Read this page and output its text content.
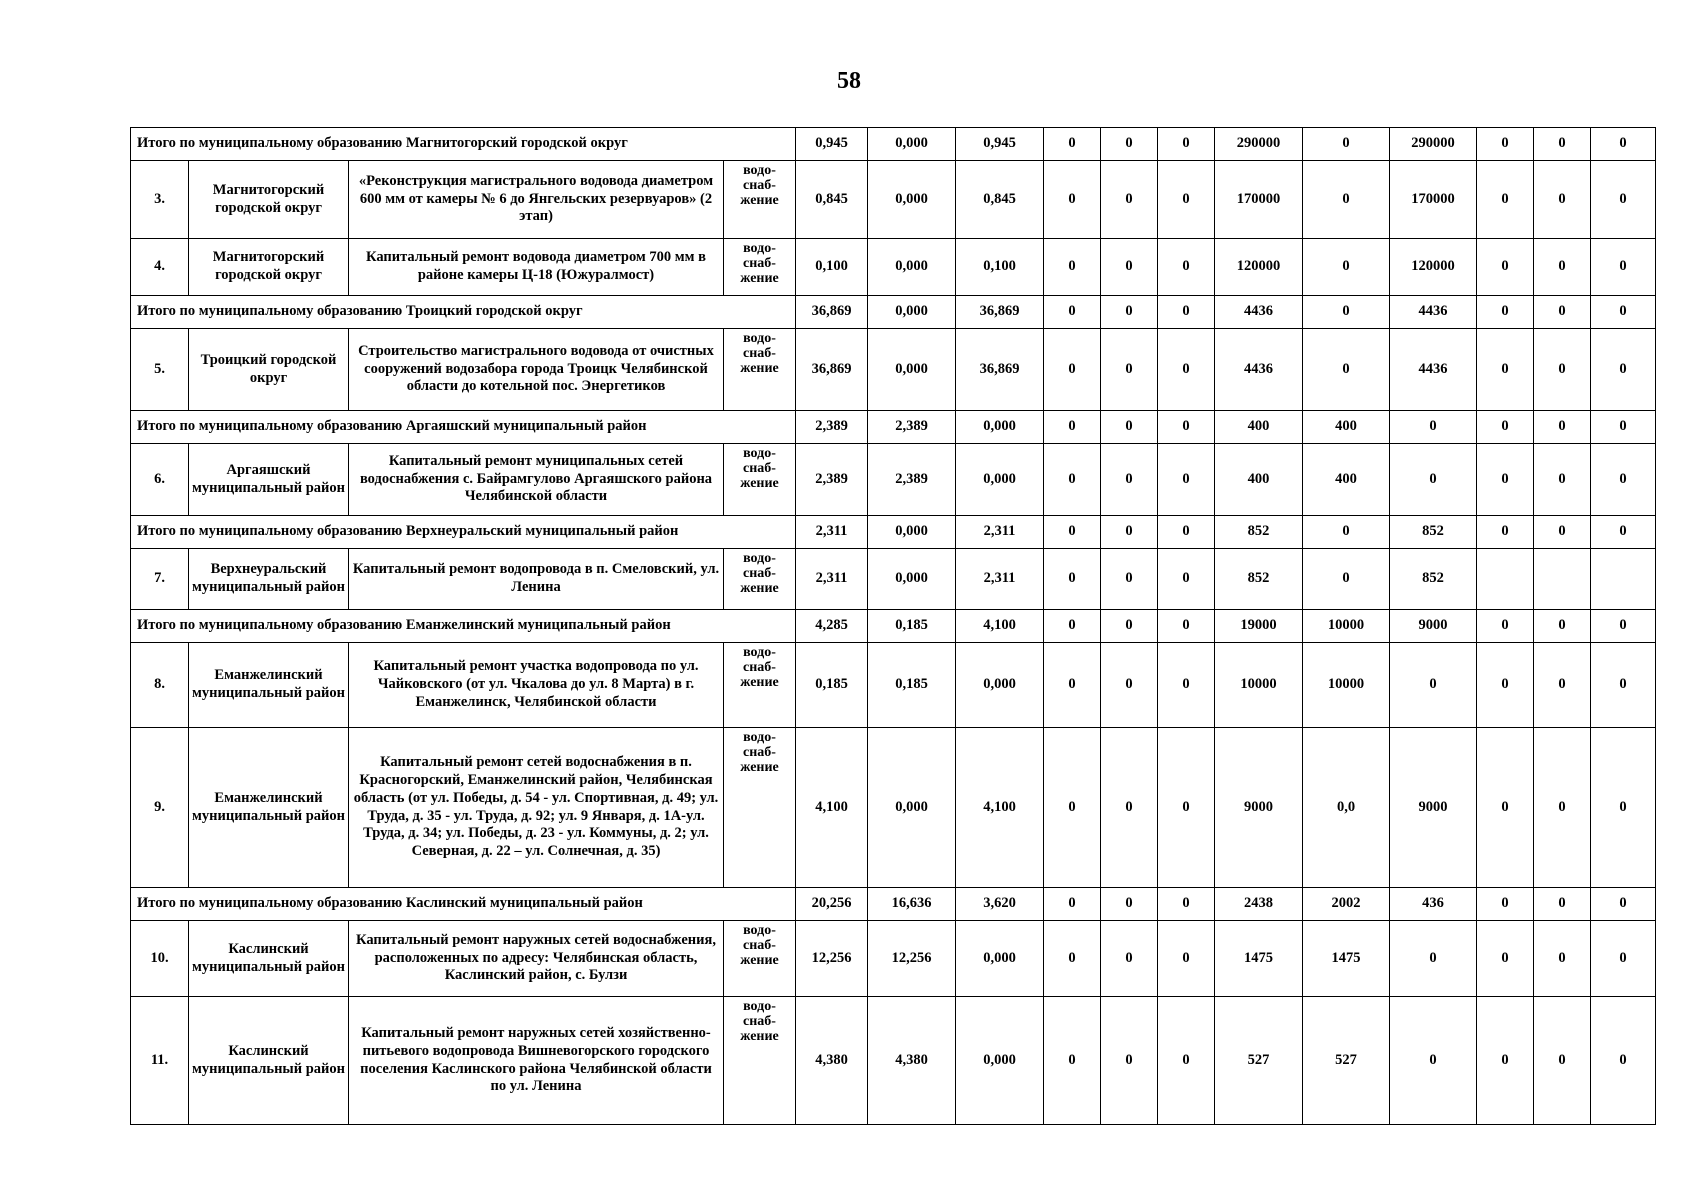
58
Итого по муниципальному образованию Магнитогорский городской округ				0,945	0,000	0,945	0	0	0	290000	0	290000	0	0	0
3.	Магнитогорский городской округ	«Реконструкция магистрального водовода диаметром 600 мм от камеры № 6 до Янгельских резервуаров» (2 этап)	водо-снаб-жение	0,845	0,000	0,845	0	0	0	170000	0	170000	0	0	0
4.	Магнитогорский городской округ	Капитальный ремонт водовода диаметром 700 мм в районе камеры Ц-18 (Южуралмост)	водо-снаб-жение	0,100	0,000	0,100	0	0	0	120000	0	120000	0	0	0
Итого по муниципальному образованию Троицкий городской округ				36,869	0,000	36,869	0	0	0	4436	0	4436	0	0	0
5.	Троицкий городской округ	Строительство магистрального водовода от очистных сооружений водозабора города Троицк Челябинской области до котельной пос. Энергетиков	водо-снаб-жение	36,869	0,000	36,869	0	0	0	4436	0	4436	0	0	0
Итого по муниципальному образованию Аргаяшский муниципальный район				2,389	2,389	0,000	0	0	0	400	400	0	0	0	0
6.	Аргаяшский муниципальный район	Капитальный ремонт муниципальных сетей водоснабжения с. Байрамгулово Аргаяшского района Челябинской области	водо-снаб-жение	2,389	2,389	0,000	0	0	0	400	400	0	0	0	0
Итого по муниципальному образованию Верхнеуральский муниципальный район				2,311	0,000	2,311	0	0	0	852	0	852	0	0	0
7.	Верхнеуральский муниципальный район	Капитальный ремонт водопровода в п. Смеловский, ул. Ленина	водо-снаб-жение	2,311	0,000	2,311	0	0	0	852	0	852			
Итого по муниципальному образованию Еманжелинский муниципальный район				4,285	0,185	4,100	0	0	0	19000	10000	9000	0	0	0
8.	Еманжелинский муниципальный район	Капитальный ремонт участка водопровода по ул. Чайковского (от ул. Чкалова до ул. 8 Марта) в г. Еманжелинск, Челябинской области	водо-снаб-жение	0,185	0,185	0,000	0	0	0	10000	10000	0	0	0	0
9.	Еманжелинский муниципальный район	Капитальный ремонт сетей водоснабжения в п. Красногорский, Еманжелинский район, Челябинская область (от ул. Победы, д. 54 - ул. Спортивная, д. 49; ул. Труда, д. 35 - ул. Труда, д. 92; ул. 9 Января, д. 1А-ул. Труда, д. 34; ул. Победы, д. 23 - ул. Коммуны, д. 2; ул. Северная, д. 22 – ул. Солнечная, д. 35)	водо-снаб-жение	4,100	0,000	4,100	0	0	0	9000	0,0	9000	0	0	0
Итого по муниципальному образованию Каслинский муниципальный район				20,256	16,636	3,620	0	0	0	2438	2002	436	0	0	0
10.	Каслинский муниципальный район	Капитальный ремонт наружных сетей водоснабжения, расположенных по адресу: Челябинская область, Каслинский район, с. Булзи	водо-снаб-жение	12,256	12,256	0,000	0	0	0	1475	1475	0	0	0	0
11.	Каслинский муниципальный район	Капитальный ремонт наружных сетей хозяйственно-питьевого водопровода Вишневогорского городского поселения Каслинского района Челябинской области по ул. Ленина	водо-снаб-жение	4,380	4,380	0,000	0	0	0	527	527	0	0	0	0
